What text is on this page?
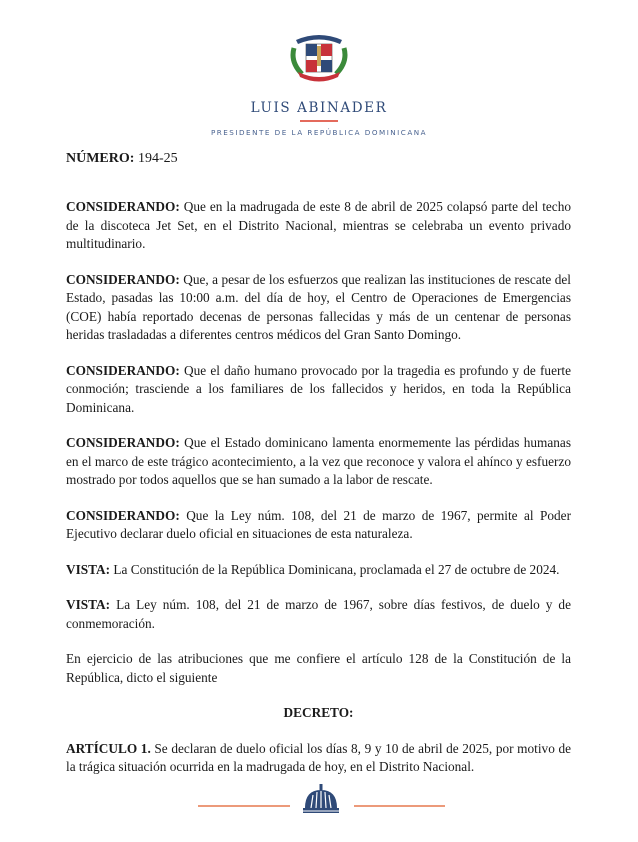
LUIS ABINADER
PRESIDENTE DE LA REPÚBLICA DOMINICANA
NÚMERO: 194-25

CONSIDERANDO: Que en la madrugada de este 8 de abril de 2025 colapsó parte del techo de la discoteca Jet Set, en el Distrito Nacional, mientras se celebraba un evento privado multitudinario.

CONSIDERANDO: Que, a pesar de los esfuerzos que realizan las instituciones de rescate del Estado, pasadas las 10:00 a.m. del día de hoy, el Centro de Operaciones de Emergencias (COE) había reportado decenas de personas fallecidas y más de un centenar de personas heridas trasladadas a diferentes centros médicos del Gran Santo Domingo.

CONSIDERANDO: Que el daño humano provocado por la tragedia es profundo y de fuerte conmoción; trasciende a los familiares de los fallecidos y heridos, en toda la República Dominicana.

CONSIDERANDO: Que el Estado dominicano lamenta enormemente las pérdidas humanas en el marco de este trágico acontecimiento, a la vez que reconoce y valora el ahínco y esfuerzo mostrado por todos aquellos que se han sumado a la labor de rescate.

CONSIDERANDO: Que la Ley núm. 108, del 21 de marzo de 1967, permite al Poder Ejecutivo declarar duelo oficial en situaciones de esta naturaleza.

VISTA: La Constitución de la República Dominicana, proclamada el 27 de octubre de 2024.

VISTA: La Ley núm. 108, del 21 de marzo de 1967, sobre días festivos, de duelo y de conmemoración.

En ejercicio de las atribuciones que me confiere el artículo 128 de la Constitución de la República, dicto el siguiente

DECRETO:

ARTÍCULO 1. Se declaran de duelo oficial los días 8, 9 y 10 de abril de 2025, por motivo de la trágica situación ocurrida en la madrugada de hoy, en el Distrito Nacional.
